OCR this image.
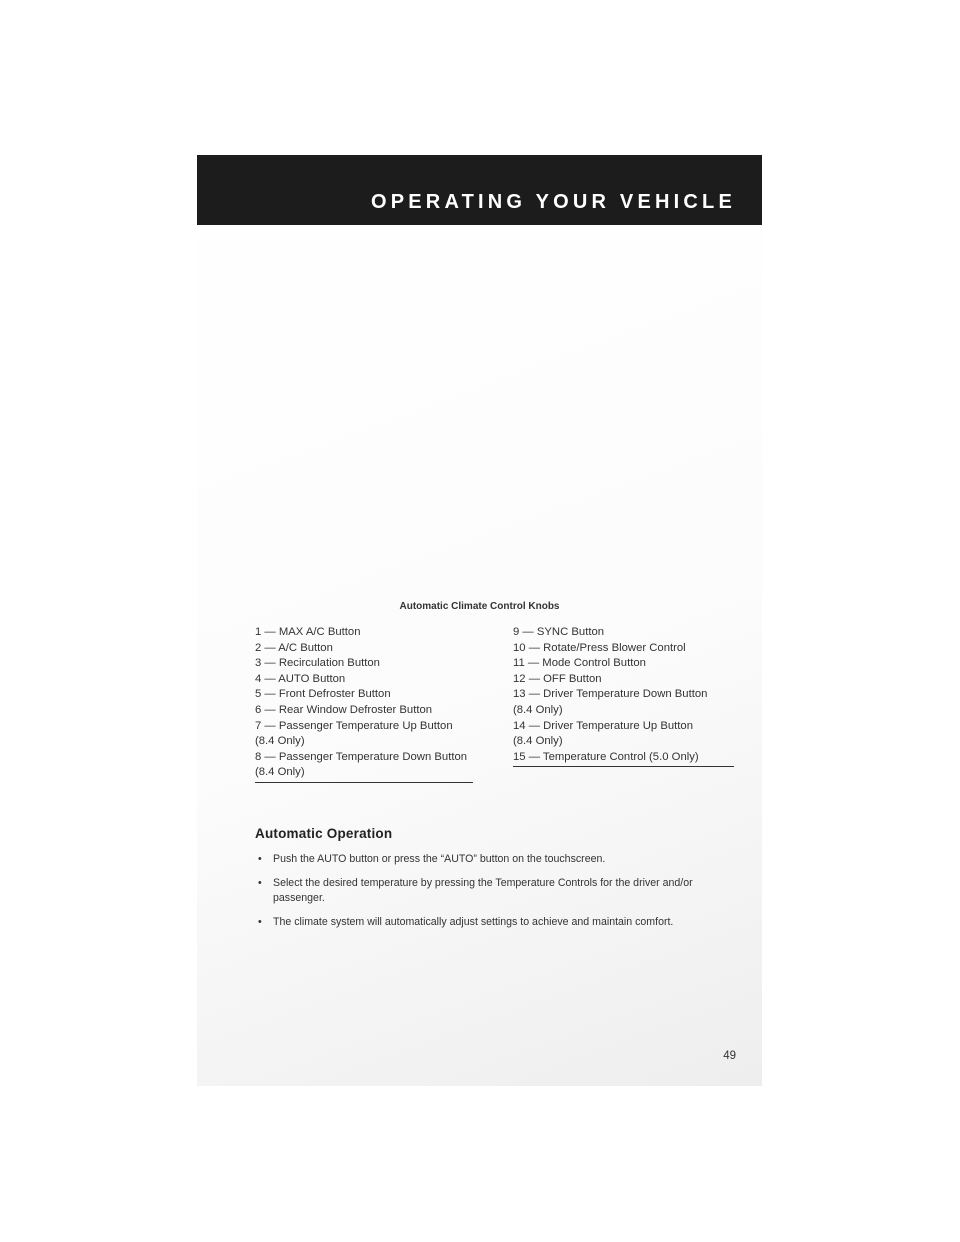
OPERATING YOUR VEHICLE
Automatic Climate Control Knobs
1 — MAX A/C Button
2 — A/C Button
3 — Recirculation Button
4 — AUTO Button
5 — Front Defroster Button
6 — Rear Window Defroster Button
7 — Passenger Temperature Up Button
(8.4 Only)
8 — Passenger Temperature Down Button
(8.4 Only)
9 — SYNC Button
10 — Rotate/Press Blower Control
11 — Mode Control Button
12 — OFF Button
13 — Driver Temperature Down Button
(8.4 Only)
14 — Driver Temperature Up Button
(8.4 Only)
15 — Temperature Control (5.0 Only)
Automatic Operation
• Push the AUTO button or press the “AUTO” button on the touchscreen.
• Select the desired temperature by pressing the Temperature Controls for the driver and/or passenger.
• The climate system will automatically adjust settings to achieve and maintain comfort.
49
